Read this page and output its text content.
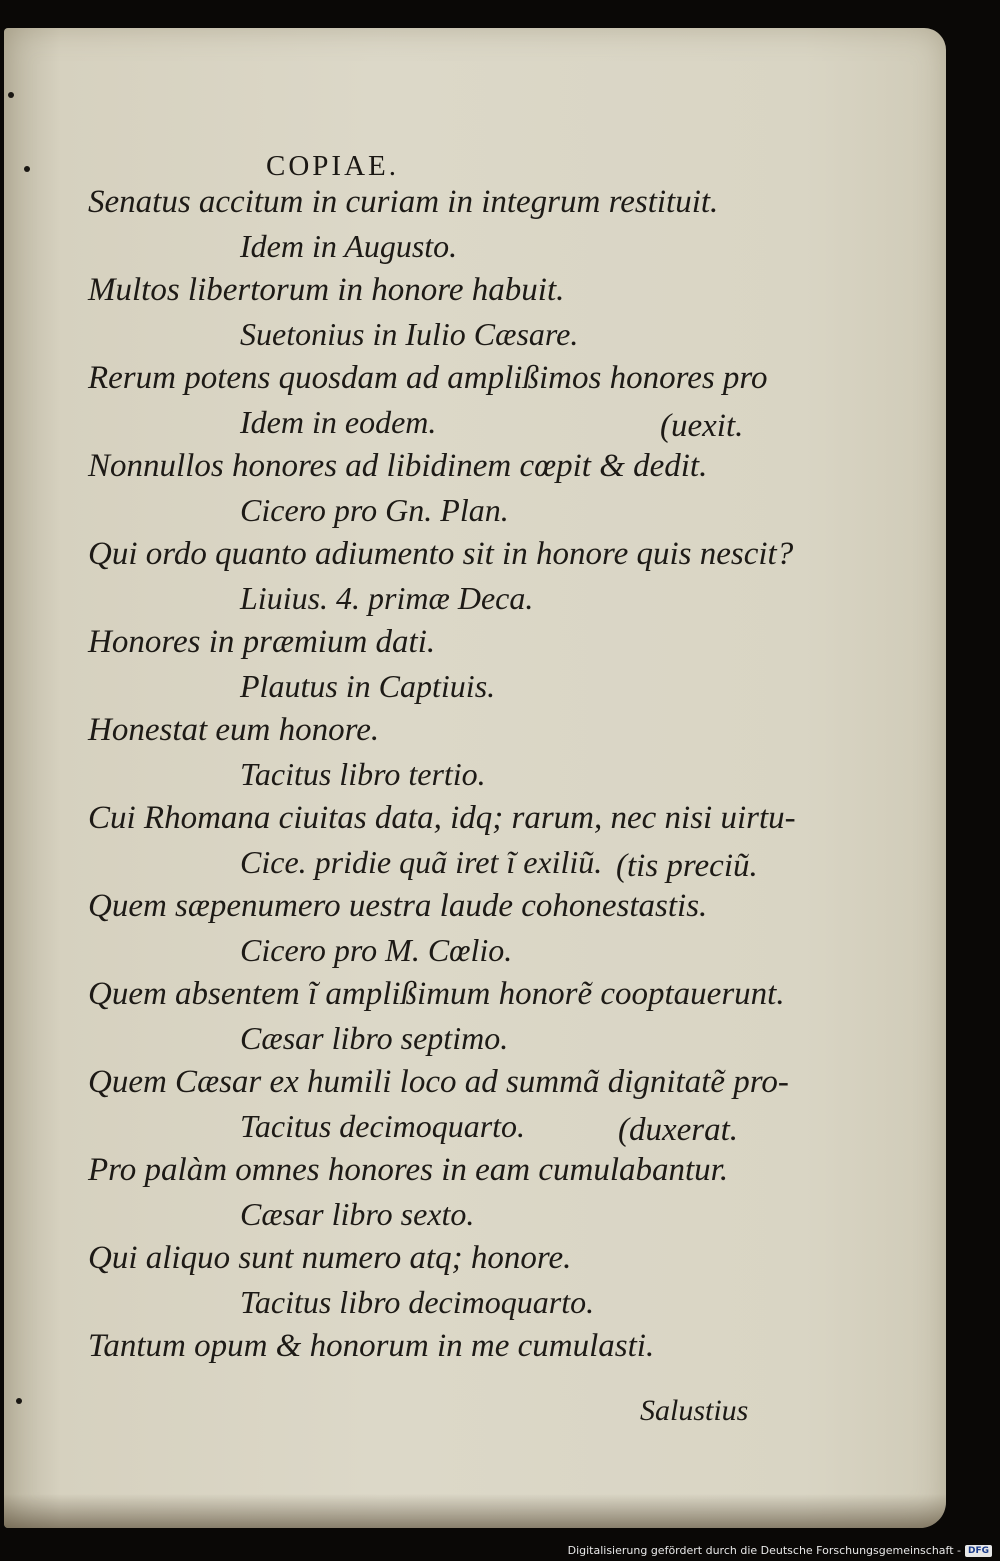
COPIAE.

Senatus accitum in curiam in integrum restituit.

Idem in Augusto.

Multos libertorum in honore habuit.

Suetonius in Iulio Cæsare.

Rerum potens quosdam ad amplißimos honores pro

Idem in eodem.	(uexit.

Nonnullos honores ad libidinem cœpit & dedit.

Cicero pro Gn. Plan.

Qui ordo quanto adiumento sit in honore quis nescit?

Liuius. 4. primæ Deca.

Honores in præmium dati.

Plautus in Captiuis.

Honestat eum honore.

Tacitus libro tertio.

Cui Rhomana ciuitas data, idq; rarum, nec nisi uirtu-

Cice. pridie quã iret ĩ exiliũ. (tis preciũ.

Quem sæpenumero uestra laude cohonestastis.

Cicero pro M. Cœlio.

Quem absentem ĩ amplißimum honorẽ cooptauerunt.

Cæsar libro septimo.

Quem Cæsar ex humili loco ad summã dignitatẽ pro-

Tacitus decimoquarto.	(duxerat.

Pro palàm omnes honores in eam cumulabantur.

Cæsar libro sexto.

Qui aliquo sunt numero atq; honore.

Tacitus libro decimoquarto.

Tantum opum & honorum in me cumulasti.

Salustius

Digitalisierung gefördert durch die Deutsche Forschungsgemeinschaft - DFG
